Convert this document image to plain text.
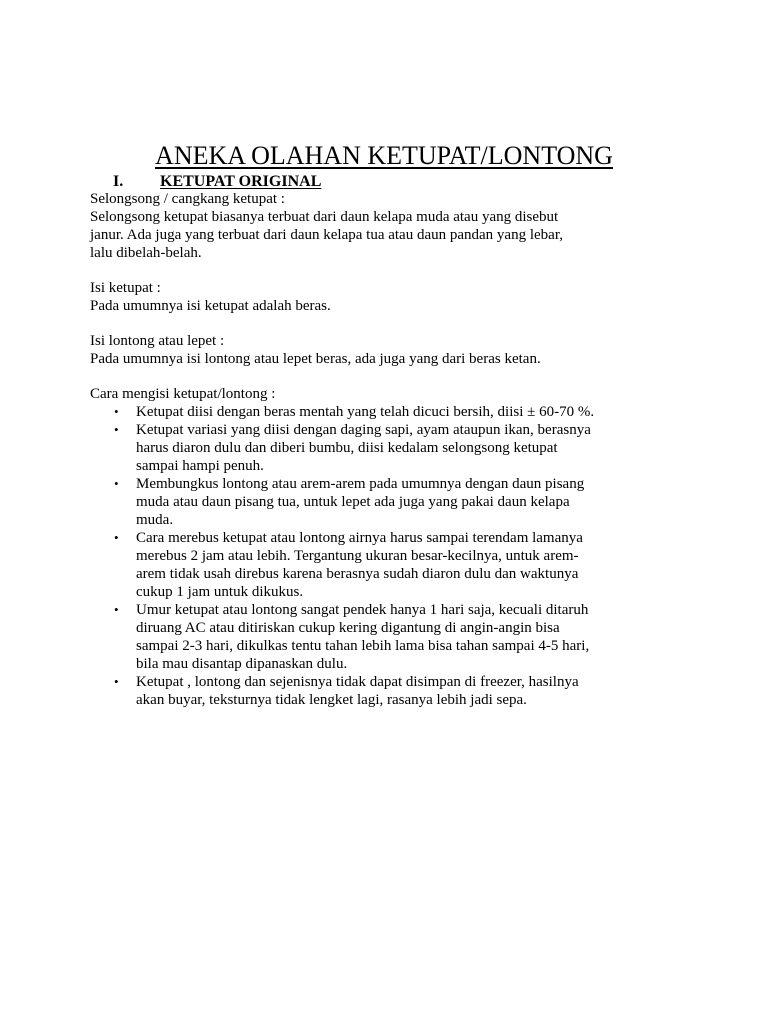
ANEKA OLAHAN KETUPAT/LONTONG
I. KETUPAT ORIGINAL
Selongsong / cangkang ketupat :
Selongsong ketupat biasanya terbuat dari daun kelapa muda atau yang disebut
janur. Ada juga yang terbuat dari daun kelapa tua atau daun pandan yang lebar,
lalu dibelah-belah.
Isi ketupat :
Pada umumnya isi ketupat adalah beras.
Isi lontong atau lepet :
Pada umumnya isi lontong atau lepet beras, ada juga yang dari beras ketan.
Cara mengisi ketupat/lontong :
• Ketupat diisi dengan beras mentah yang telah dicuci bersih, diisi ± 60-70 %.
• Ketupat variasi yang diisi dengan daging sapi, ayam ataupun ikan, berasnya
harus diaron dulu dan diberi bumbu, diisi kedalam selongsong ketupat
sampai hampi penuh.
• Membungkus lontong atau arem-arem pada umumnya dengan daun pisang
muda atau daun pisang tua, untuk lepet ada juga yang pakai daun kelapa
muda.
• Cara merebus ketupat atau lontong airnya harus sampai terendam lamanya
merebus 2 jam atau lebih. Tergantung ukuran besar-kecilnya, untuk arem-
arem tidak usah direbus karena berasnya sudah diaron dulu dan waktunya
cukup 1 jam untuk dikukus.
• Umur ketupat atau lontong sangat pendek hanya 1 hari saja, kecuali ditaruh
diruang AC atau ditiriskan cukup kering digantung di angin-angin bisa
sampai 2-3 hari, dikulkas tentu tahan lebih lama bisa tahan sampai 4-5 hari,
bila mau disantap dipanaskan dulu.
• Ketupat , lontong dan sejenisnya tidak dapat disimpan di freezer, hasilnya
akan buyar, teksturnya tidak lengket lagi, rasanya lebih jadi sepa.
